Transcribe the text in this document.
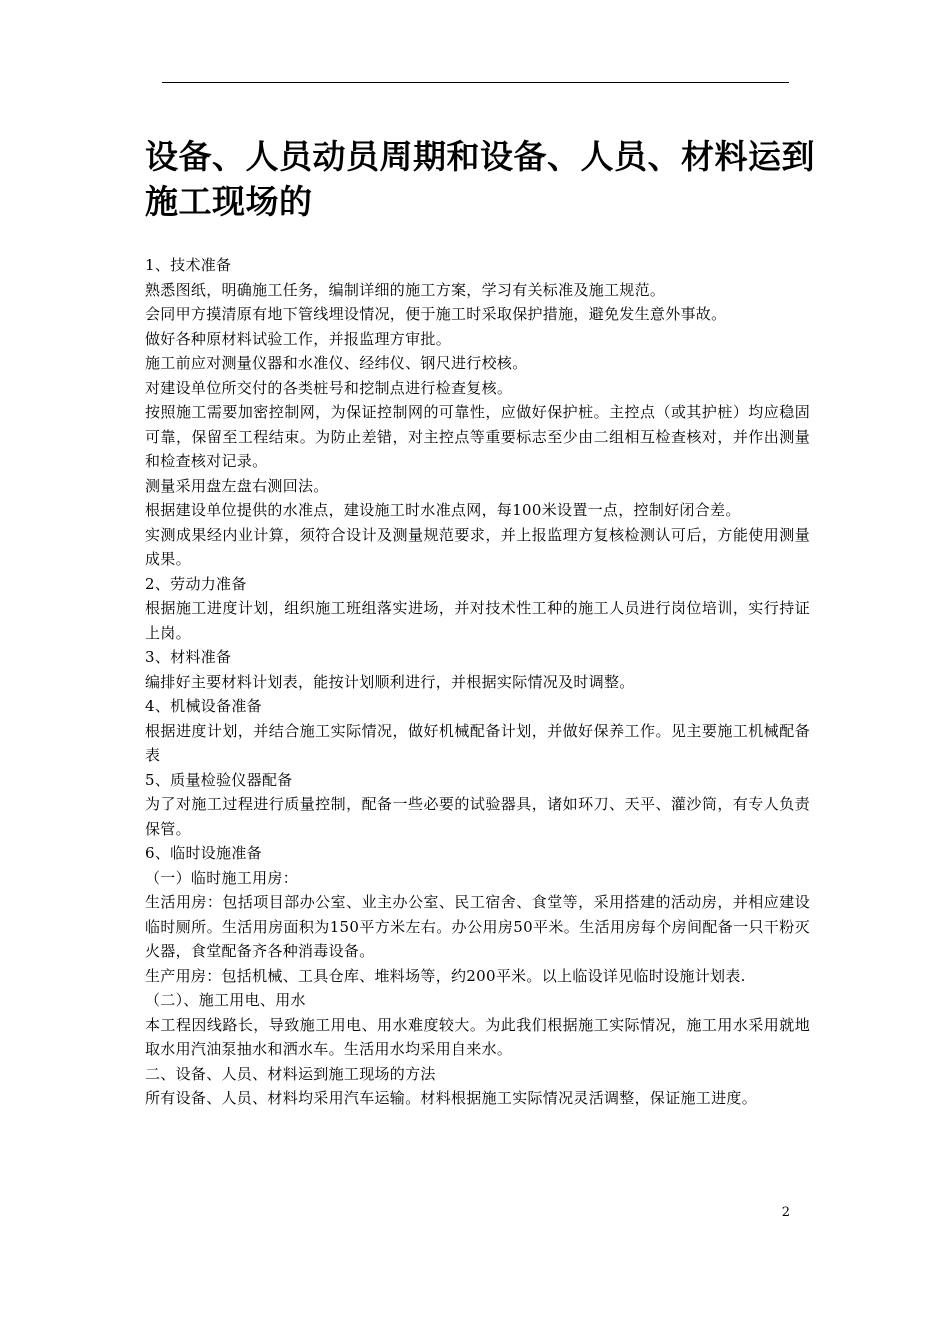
设备、人员动员周期和设备、人员、材料运到施工现场的

1、技术准备

熟悉图纸，明确施工任务，编制详细的施工方案，学习有关标准及施工规范。

会同甲方摸清原有地下管线埋设情况，便于施工时采取保护措施，避免发生意外事故。

做好各种原材料试验工作，并报监理方审批。

施工前应对测量仪器和水准仪、经纬仪、钢尺进行校核。

对建设单位所交付的各类桩号和挖制点进行检查复核。

按照施工需要加密控制网，为保证控制网的可靠性，应做好保护桩。主控点（或其护桩）均应稳固可靠，保留至工程结束。为防止差错，对主控点等重要标志至少由二组相互检查核对，并作出测量和检查核对记录。

测量采用盘左盘右测回法。

根据建设单位提供的水准点，建设施工时水准点网，每100米设置一点，控制好闭合差。

实测成果经内业计算，须符合设计及测量规范要求，并上报监理方复核检测认可后，方能使用测量成果。

2、劳动力准备

根据施工进度计划，组织施工班组落实进场，并对技术性工种的施工人员进行岗位培训，实行持证上岗。

3、材料准备

编排好主要材料计划表，能按计划顺利进行，并根据实际情况及时调整。

4、机械设备准备

根据进度计划，并结合施工实际情况，做好机械配备计划，并做好保养工作。见主要施工机械配备表

5、质量检验仪器配备

为了对施工过程进行质量控制，配备一些必要的试验器具，诸如环刀、天平、灌沙筒，有专人负责保管。

6、临时设施准备

（一）临时施工用房：

生活用房：包括项目部办公室、业主办公室、民工宿舍、食堂等，采用搭建的活动房，并相应建设临时厕所。生活用房面积为150平方米左右。办公用房50平米。生活用房每个房间配备一只干粉灭火器，食堂配备齐各种消毒设备。

生产用房：包括机械、工具仓库、堆料场等，约200平米。以上临设详见临时设施计划表.

（二）、施工用电、用水

本工程因线路长，导致施工用电、用水难度较大。为此我们根据施工实际情况，施工用水采用就地取水用汽油泵抽水和洒水车。生活用水均采用自来水。

二、设备、人员、材料运到施工现场的方法

所有设备、人员、材料均采用汽车运输。材料根据施工实际情况灵活调整，保证施工进度。

2
